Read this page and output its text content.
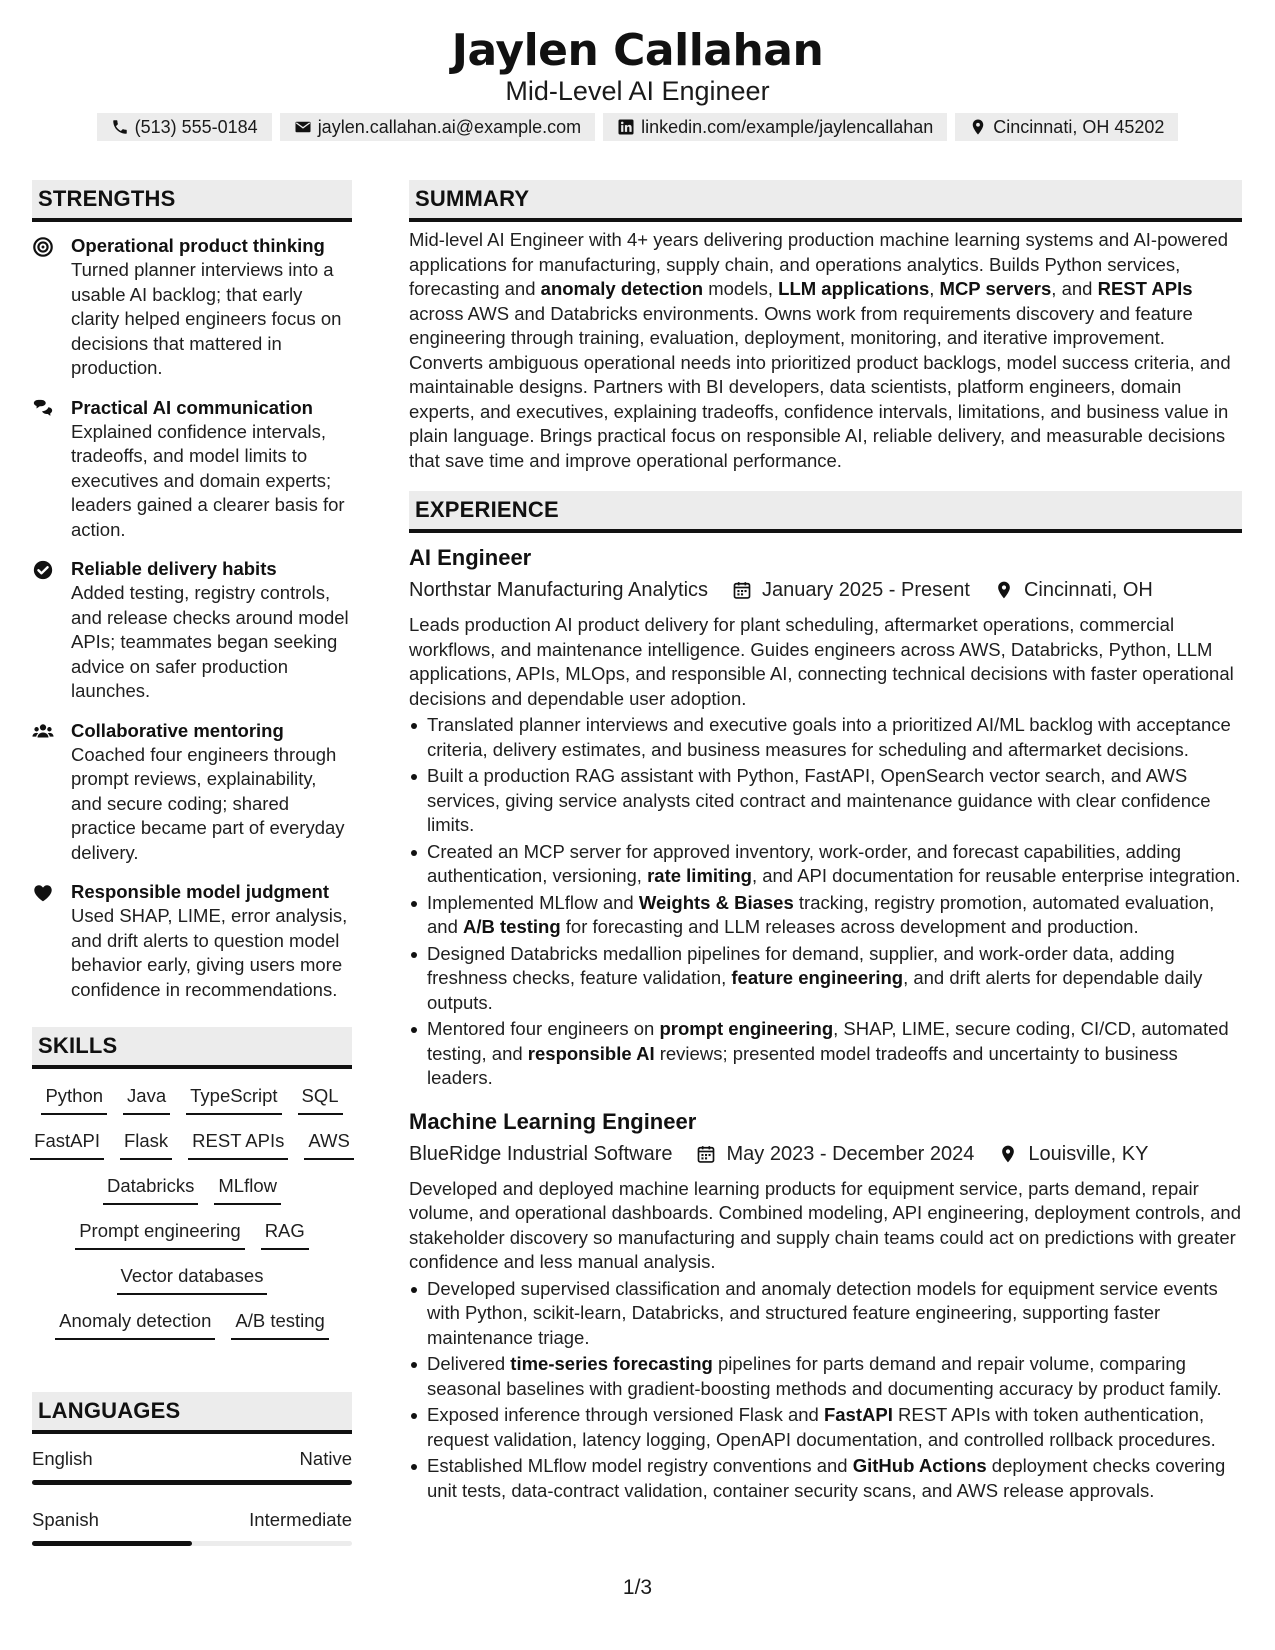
Jaylen Callahan
Mid-Level AI Engineer
(513) 555-0184	jaylen.callahan.ai@example.com	linkedin.com/example/jaylencallahan	Cincinnati, OH 45202
STRENGTHS
Operational product thinking
Turned planner interviews into a usable AI backlog; that early clarity helped engineers focus on decisions that mattered in production.
Practical AI communication
Explained confidence intervals, tradeoffs, and model limits to executives and domain experts; leaders gained a clearer basis for action.
Reliable delivery habits
Added testing, registry controls, and release checks around model APIs; teammates began seeking advice on safer production launches.
Collaborative mentoring
Coached four engineers through prompt reviews, explainability, and secure coding; shared practice became part of everyday delivery.
Responsible model judgment
Used SHAP, LIME, error analysis, and drift alerts to question model behavior early, giving users more confidence in recommendations.
SKILLS
Python Java TypeScript SQL
FastAPI Flask REST APIs AWS
Databricks MLflow
Prompt engineering RAG
Vector databases
Anomaly detection A/B testing
LANGUAGES
English	Native
Spanish	Intermediate
SUMMARY
Mid-level AI Engineer with 4+ years delivering production machine learning systems and AI-powered applications for manufacturing, supply chain, and operations analytics. Builds Python services, forecasting and anomaly detection models, LLM applications, MCP servers, and REST APIs across AWS and Databricks environments. Owns work from requirements discovery and feature engineering through training, evaluation, deployment, monitoring, and iterative improvement. Converts ambiguous operational needs into prioritized product backlogs, model success criteria, and maintainable designs. Partners with BI developers, data scientists, platform engineers, domain experts, and executives, explaining tradeoffs, confidence intervals, limitations, and business value in plain language. Brings practical focus on responsible AI, reliable delivery, and measurable decisions that save time and improve operational performance.
EXPERIENCE
AI Engineer
Northstar Manufacturing Analytics	January 2025 - Present	Cincinnati, OH
Leads production AI product delivery for plant scheduling, aftermarket operations, commercial workflows, and maintenance intelligence. Guides engineers across AWS, Databricks, Python, LLM applications, APIs, MLOps, and responsible AI, connecting technical decisions with faster operational decisions and dependable user adoption.
Translated planner interviews and executive goals into a prioritized AI/ML backlog with acceptance criteria, delivery estimates, and business measures for scheduling and aftermarket decisions.
Built a production RAG assistant with Python, FastAPI, OpenSearch vector search, and AWS services, giving service analysts cited contract and maintenance guidance with clear confidence limits.
Created an MCP server for approved inventory, work-order, and forecast capabilities, adding authentication, versioning, rate limiting, and API documentation for reusable enterprise integration.
Implemented MLflow and Weights & Biases tracking, registry promotion, automated evaluation, and A/B testing for forecasting and LLM releases across development and production.
Designed Databricks medallion pipelines for demand, supplier, and work-order data, adding freshness checks, feature validation, feature engineering, and drift alerts for dependable daily outputs.
Mentored four engineers on prompt engineering, SHAP, LIME, secure coding, CI/CD, automated testing, and responsible AI reviews; presented model tradeoffs and uncertainty to business leaders.
Machine Learning Engineer
BlueRidge Industrial Software	May 2023 - December 2024	Louisville, KY
Developed and deployed machine learning products for equipment service, parts demand, repair volume, and operational dashboards. Combined modeling, API engineering, deployment controls, and stakeholder discovery so manufacturing and supply chain teams could act on predictions with greater confidence and less manual analysis.
Developed supervised classification and anomaly detection models for equipment service events with Python, scikit-learn, Databricks, and structured feature engineering, supporting faster maintenance triage.
Delivered time-series forecasting pipelines for parts demand and repair volume, comparing seasonal baselines with gradient-boosting methods and documenting accuracy by product family.
Exposed inference through versioned Flask and FastAPI REST APIs with token authentication, request validation, latency logging, OpenAPI documentation, and controlled rollback procedures.
Established MLflow model registry conventions and GitHub Actions deployment checks covering unit tests, data-contract validation, container security scans, and AWS release approvals.
1/3
